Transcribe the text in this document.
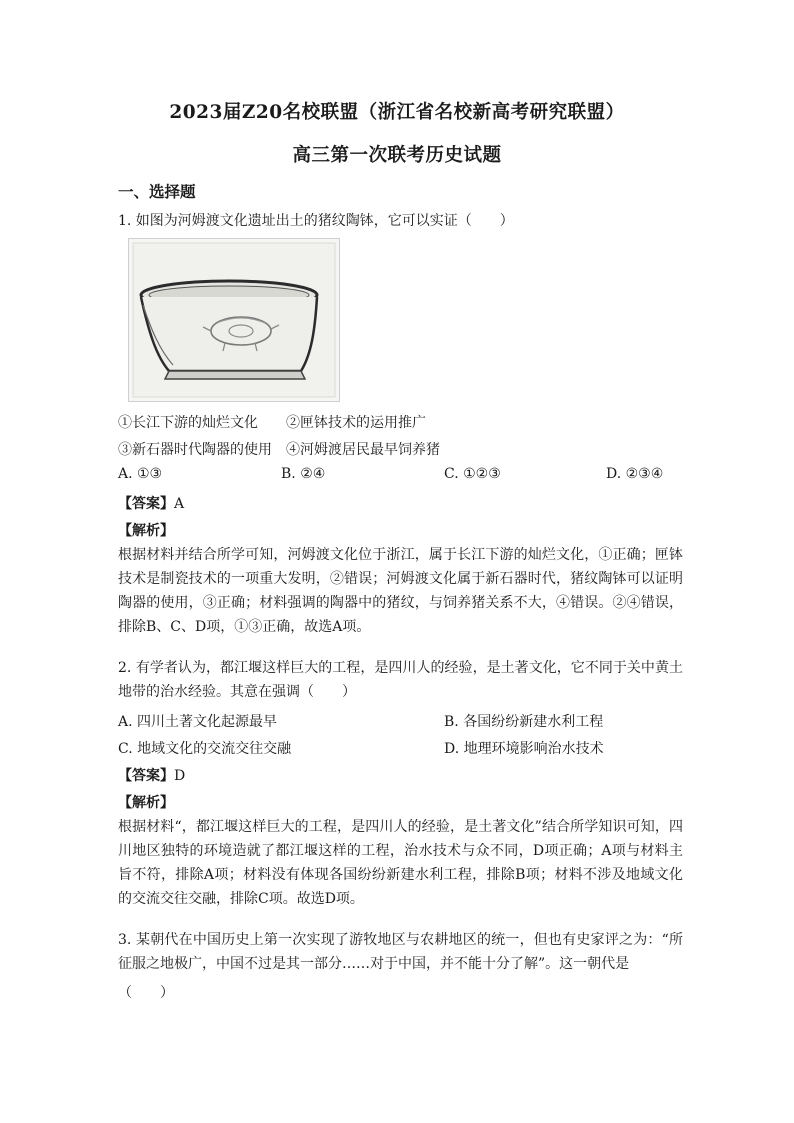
2023届Z20名校联盟（浙江省名校新高考研究联盟）
高三第一次联考历史试题
一、选择题
1. 如图为河姆渡文化遗址出土的猪纹陶钵，它可以实证（　　）
①长江下游的灿烂文化　　②匣钵技术的运用推广
③新石器时代陶器的使用　④河姆渡居民最早饲养猪
A. ①③	B. ②④	C. ①②③	D. ②③④
【答案】A
【解析】
根据材料并结合所学可知，河姆渡文化位于浙江，属于长江下游的灿烂文化，①正确；匣钵技术是制瓷技术的一项重大发明，②错误；河姆渡文化属于新石器时代，猪纹陶钵可以证明陶器的使用，③正确；材料强调的陶器中的猪纹，与饲养猪关系不大，④错误。②④错误，排除B、C、D项，①③正确，故选A项。
2. 有学者认为，都江堰这样巨大的工程，是四川人的经验，是土著文化，它不同于关中黄土地带的治水经验。其意在强调（　　）
A. 四川土著文化起源最早	B. 各国纷纷新建水利工程
C. 地域文化的交流交往交融	D. 地理环境影响治水技术
【答案】D
【解析】
根据材料“，都江堰这样巨大的工程，是四川人的经验，是土著文化”结合所学知识可知，四川地区独特的环境造就了都江堰这样的工程，治水技术与众不同，D项正确；A项与材料主旨不符，排除A项；材料没有体现各国纷纷新建水利工程，排除B项；材料不涉及地域文化的交流交往交融，排除C项。故选D项。
3. 某朝代在中国历史上第一次实现了游牧地区与农耕地区的统一，但也有史家评之为：“所征服之地极广，中国不过是其一部分……对于中国，并不能十分了解”。这一朝代是
（　　）
